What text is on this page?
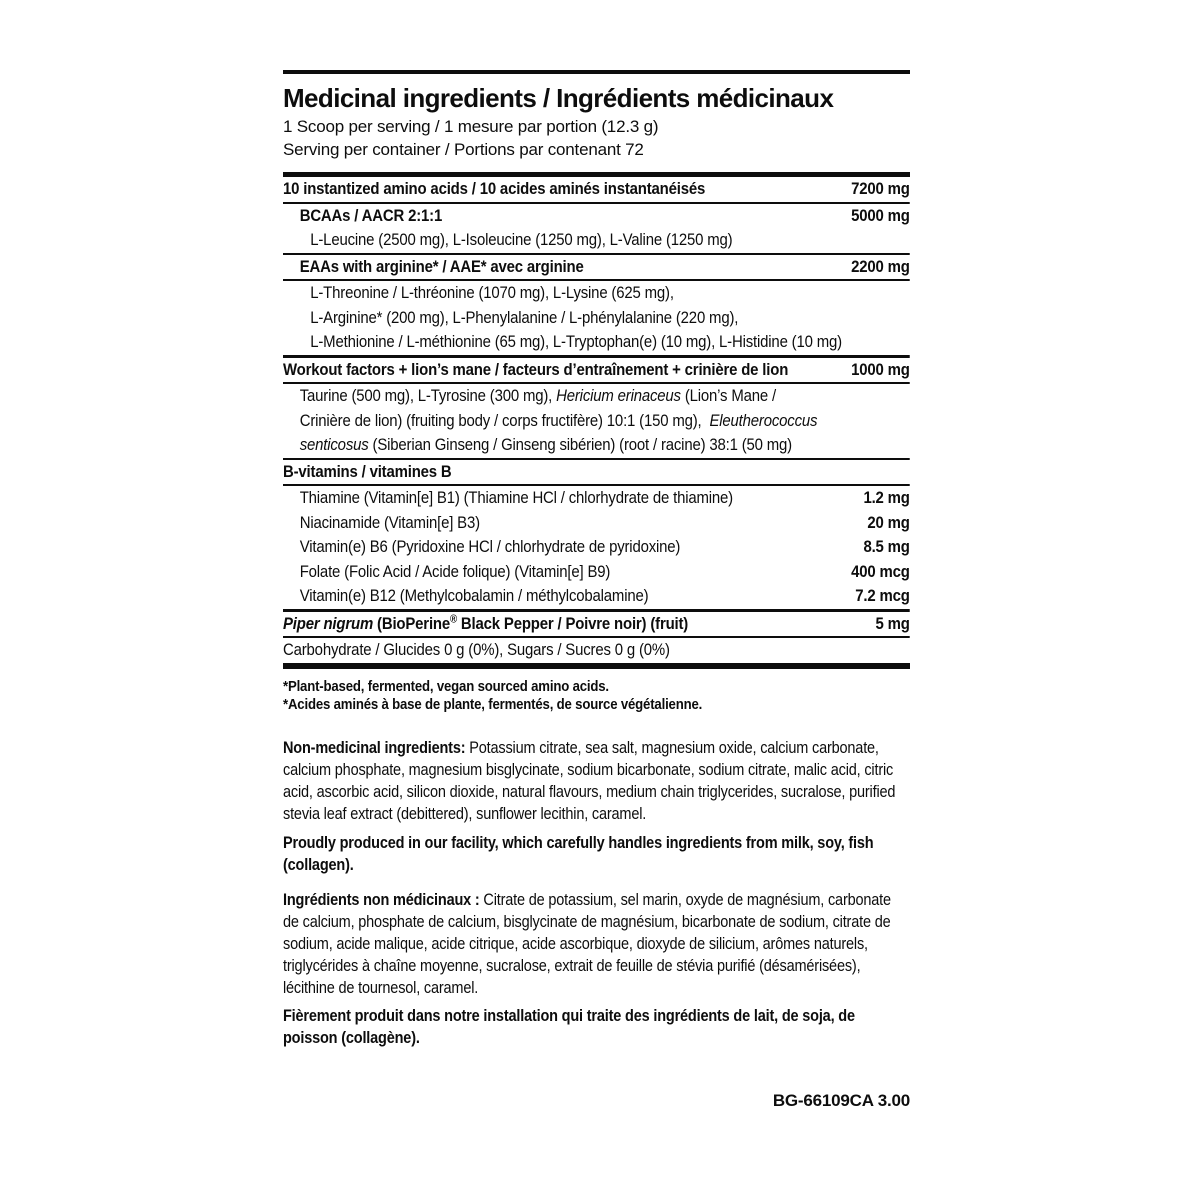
Medicinal ingredients / Ingrédients médicinaux
1 Scoop per serving / 1 mesure par portion (12.3 g)
Serving per container / Portions par contenant 72
10 instantized amino acids / 10 acides aminés instantanéisés	7200 mg
BCAAs / AACR 2:1:1	5000 mg
L-Leucine (2500 mg), L-Isoleucine (1250 mg), L-Valine (1250 mg)
EAAs with arginine* / AAE* avec arginine	2200 mg
L-Threonine / L-thréonine (1070 mg), L-Lysine (625 mg),
L-Arginine* (200 mg), L-Phenylalanine / L-phénylalanine (220 mg),
L-Methionine / L-méthionine (65 mg), L-Tryptophan(e) (10 mg), L-Histidine (10 mg)
Workout factors + lion’s mane / facteurs d’entraînement + crinière de lion	1000 mg
Taurine (500 mg), L-Tyrosine (300 mg), Hericium erinaceus (Lion’s Mane /
Crinière de lion) (fruiting body / corps fructifère) 10:1 (150 mg),  Eleutherococcus
senticosus (Siberian Ginseng / Ginseng sibérien) (root / racine) 38:1 (50 mg)
B-vitamins / vitamines B
Thiamine (Vitamin[e] B1) (Thiamine HCl / chlorhydrate de thiamine)	1.2 mg
Niacinamide (Vitamin[e] B3)	20 mg
Vitamin(e) B6 (Pyridoxine HCl / chlorhydrate de pyridoxine)	8.5 mg
Folate (Folic Acid / Acide folique) (Vitamin[e] B9)	400 mcg
Vitamin(e) B12 (Methylcobalamin / méthylcobalamine)	7.2 mcg
Piper nigrum (BioPerine® Black Pepper / Poivre noir) (fruit)	5 mg
Carbohydrate / Glucides 0 g (0%), Sugars / Sucres 0 g (0%)
*Plant-based, fermented, vegan sourced amino acids.
*Acides aminés à base de plante, fermentés, de source végétalienne.

Non-medicinal ingredients: Potassium citrate, sea salt, magnesium oxide, calcium carbonate, calcium phosphate, magnesium bisglycinate, sodium bicarbonate, sodium citrate, malic acid, citric acid, ascorbic acid, silicon dioxide, natural flavours, medium chain triglycerides, sucralose, purified stevia leaf extract (debittered), sunflower lecithin, caramel.

Proudly produced in our facility, which carefully handles ingredients from milk, soy, fish (collagen).

Ingrédients non médicinaux : Citrate de potassium, sel marin, oxyde de magnésium, carbonate de calcium, phosphate de calcium, bisglycinate de magnésium, bicarbonate de sodium, citrate de sodium, acide malique, acide citrique, acide ascorbique, dioxyde de silicium, arômes naturels, triglycérides à chaîne moyenne, sucralose, extrait de feuille de stévia purifié (désamérisées), lécithine de tournesol, caramel.

Fièrement produit dans notre installation qui traite des ingrédients de lait, de soja, de poisson (collagène).

BG-66109CA 3.00
